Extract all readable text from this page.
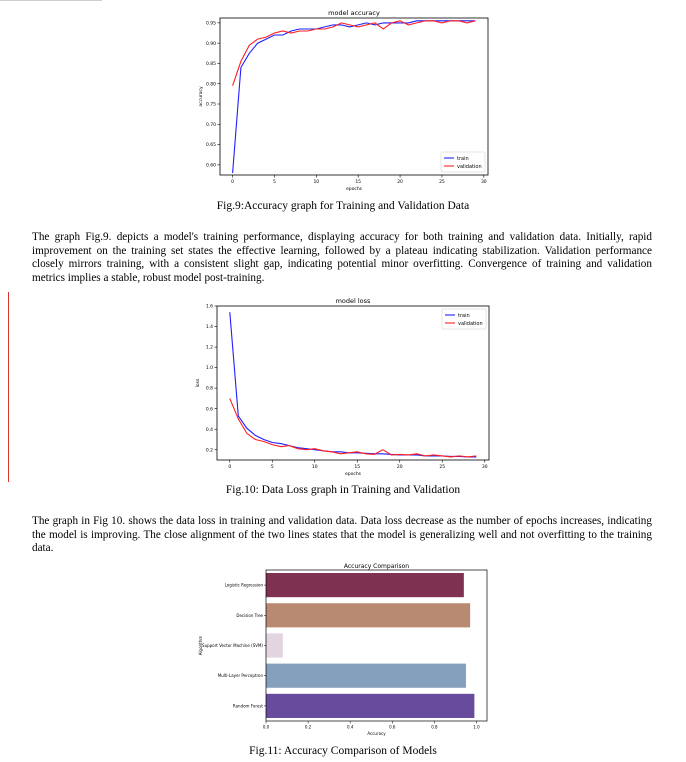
model accuracy
0	5	10	15	20	25	30
0.60
0.65
0.70
0.75
0.80
0.85
0.90
0.95
epochs
accuracy
train
validation
Fig.9:Accuracy graph for Training and Validation Data

The graph Fig.9. depicts a model's training performance, displaying accuracy for both training and validation data. Initially, rapid improvement on the training set states the effective learning, followed by a plateau indicating stabilization. Validation performance closely mirrors training, with a consistent slight gap, indicating potential minor overfitting. Convergence of training and validation metrics implies a stable, robust model post-training.

model loss
0	5	10	15	20	25	30
0.2
0.4
0.6
0.8
1.0
1.2
1.4
1.6
epochs
loss
train
validation
Fig.10: Data Loss graph in Training and Validation

The graph in Fig 10. shows the data loss in training and validation data. Data loss decrease as the number of epochs increases, indicating the model is improving. The close alignment of the two lines states that the model is generalizing well and not overfitting to the training data.

Accuracy Comparison
Logistic Regression
Decision Tree
Support Vector Machine (SVM)
Multi-Layer Perceptron
Random Forest
0.0	0.2	0.4	0.6	0.8	1.0
Accuracy
Algorithm
Fig.11: Accuracy Comparison of Models
